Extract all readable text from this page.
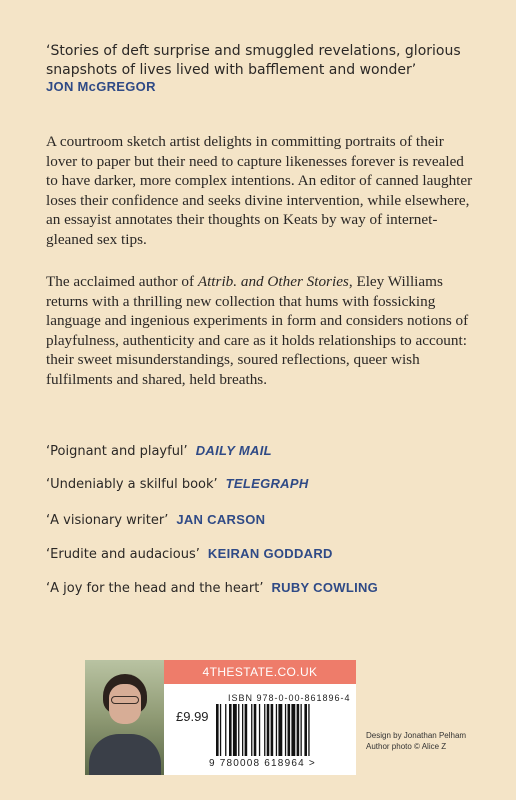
‘Stories of deft surprise and smuggled revelations, glorious
snapshots of lives lived with bafflement and wonder’
JON McGREGOR

A courtroom sketch artist delights in committing portraits of their lover to paper but their need to capture likenesses forever is revealed to have darker, more complex intentions. An editor of canned laughter loses their confidence and seeks divine intervention, while elsewhere, an essayist annotates their thoughts on Keats by way of internet-gleaned sex tips.

The acclaimed author of Attrib. and Other Stories, Eley Williams returns with a thrilling new collection that hums with fossicking language and ingenious experiments in form and considers notions of playfulness, authenticity and care as it holds relationships to account: their sweet misunderstandings, soured reflections, queer wish fulfilments and shared, held breaths.

‘Poignant and playful’ DAILY MAIL
‘Undeniably a skilful book’ TELEGRAPH
‘A visionary writer’ JAN CARSON
‘Erudite and audacious’ KEIRAN GODDARD
‘A joy for the head and the heart’ RUBY COWLING
4THESTATE.CO.UK
ISBN 978-0-00-861896-4
£9.99
9 780008 618964 >
Design by Jonathan Pelham
Author photo © Alice Z
